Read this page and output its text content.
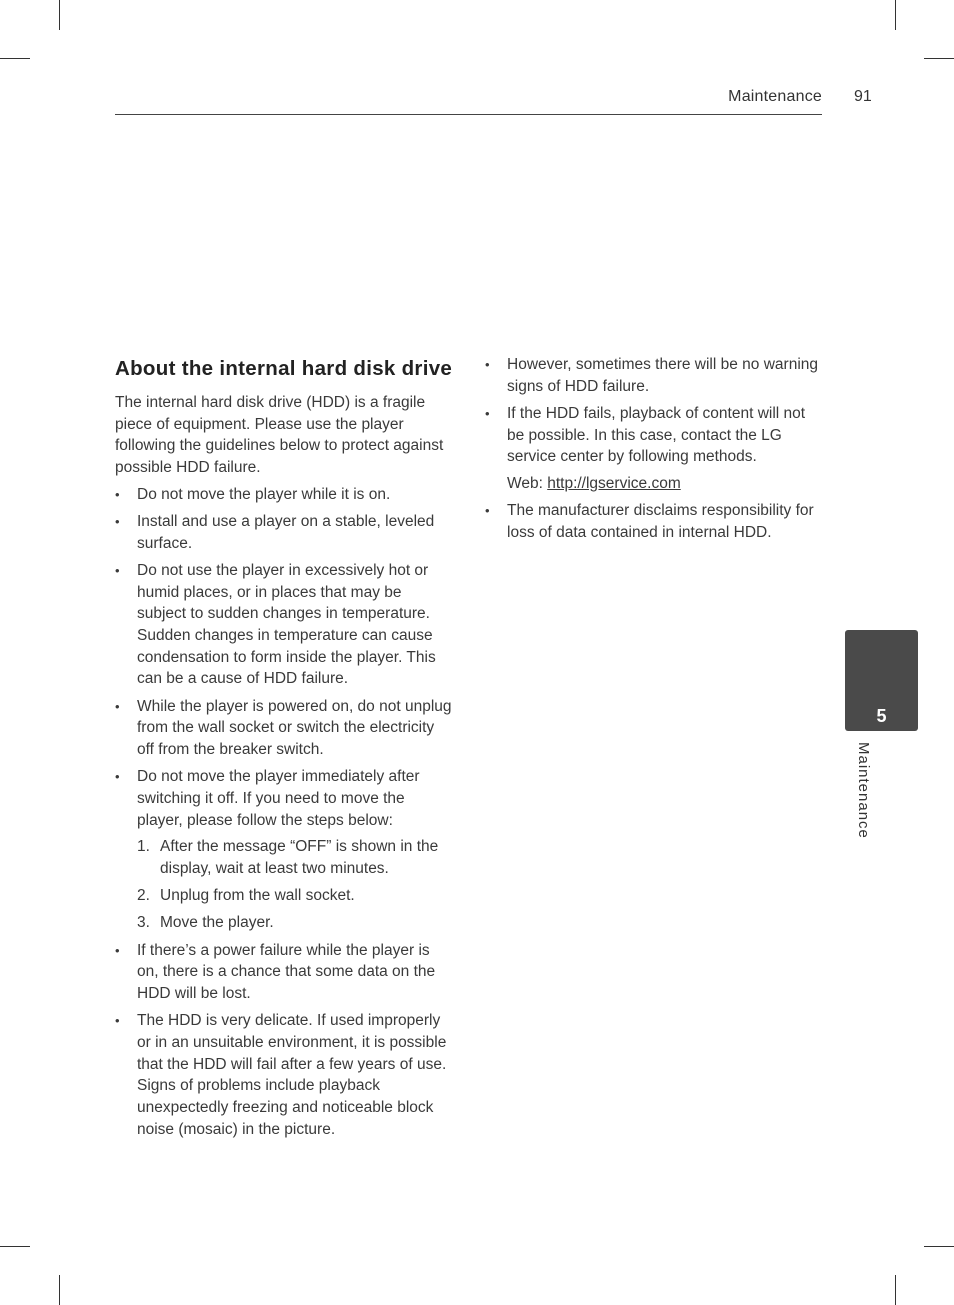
Maintenance 91
About the internal hard disk drive

The internal hard disk drive (HDD) is a fragile piece of equipment. Please use the player following the guidelines below to protect against possible HDD failure.

• Do not move the player while it is on.
• Install and use a player on a stable, leveled surface.
• Do not use the player in excessively hot or humid places, or in places that may be subject to sudden changes in temperature. Sudden changes in temperature can cause condensation to form inside the player. This can be a cause of HDD failure.
• While the player is powered on, do not unplug from the wall socket or switch the electricity off from the breaker switch.
• Do not move the player immediately after switching it off. If you need to move the player, please follow the steps below:
1. After the message “OFF” is shown in the display, wait at least two minutes.
2. Unplug from the wall socket.
3. Move the player.
• If there’s a power failure while the player is on, there is a chance that some data on the HDD will be lost.
• The HDD is very delicate. If used improperly or in an unsuitable environment, it is possible that the HDD will fail after a few years of use. Signs of problems include playback unexpectedly freezing and noticeable block noise (mosaic) in the picture.
• However, sometimes there will be no warning signs of HDD failure.
• If the HDD fails, playback of content will not be possible. In this case, contact the LG service center by following methods.
Web: http://lgservice.com
• The manufacturer disclaims responsibility for loss of data contained in internal HDD.
5
Maintenance
